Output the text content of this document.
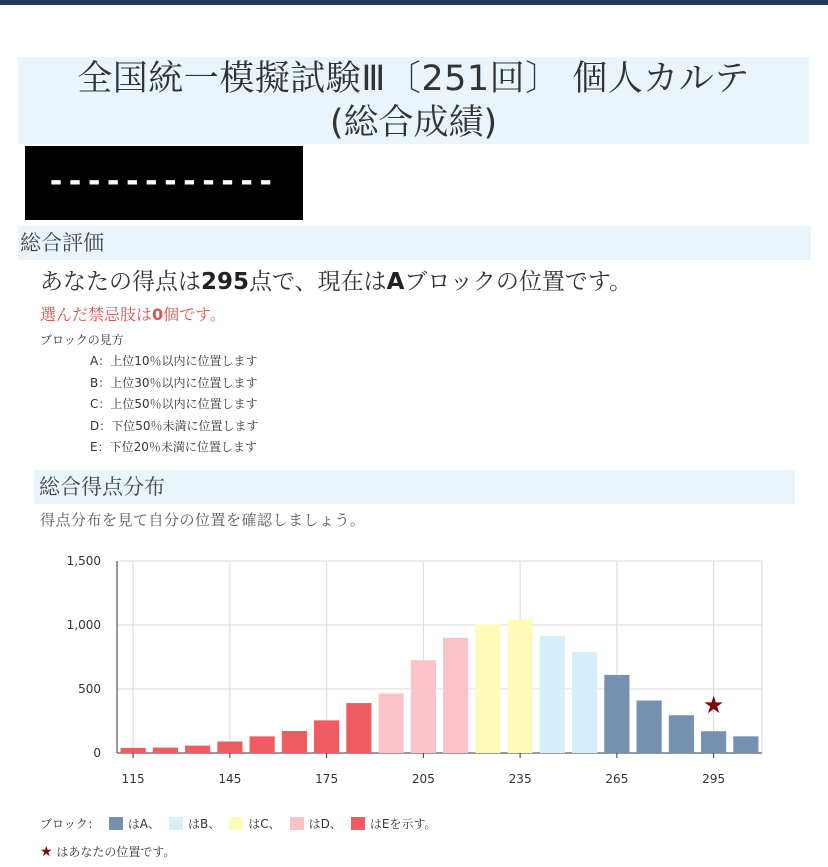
全国統一模擬試験Ⅲ〔251回〕 個人カルテ
(総合成績)
------------
総合評価
あなたの得点は295点で、現在はAブロックの位置です。
選んだ禁忌肢は0個です。
ブロックの見方
A：上位10％以内に位置します
B：上位30％以内に位置します
C：上位50％以内に位置します
D：下位50％未満に位置します
E：下位20％未満に位置します
総合得点分布
得点分布を見て自分の位置を確認しましょう。
0
500
1,000
1,500
115	145	175	205	235	265	295
★
ブロック： はA、 はB、 はC、 はD、 はEを示す。
★ はあなたの位置です。
